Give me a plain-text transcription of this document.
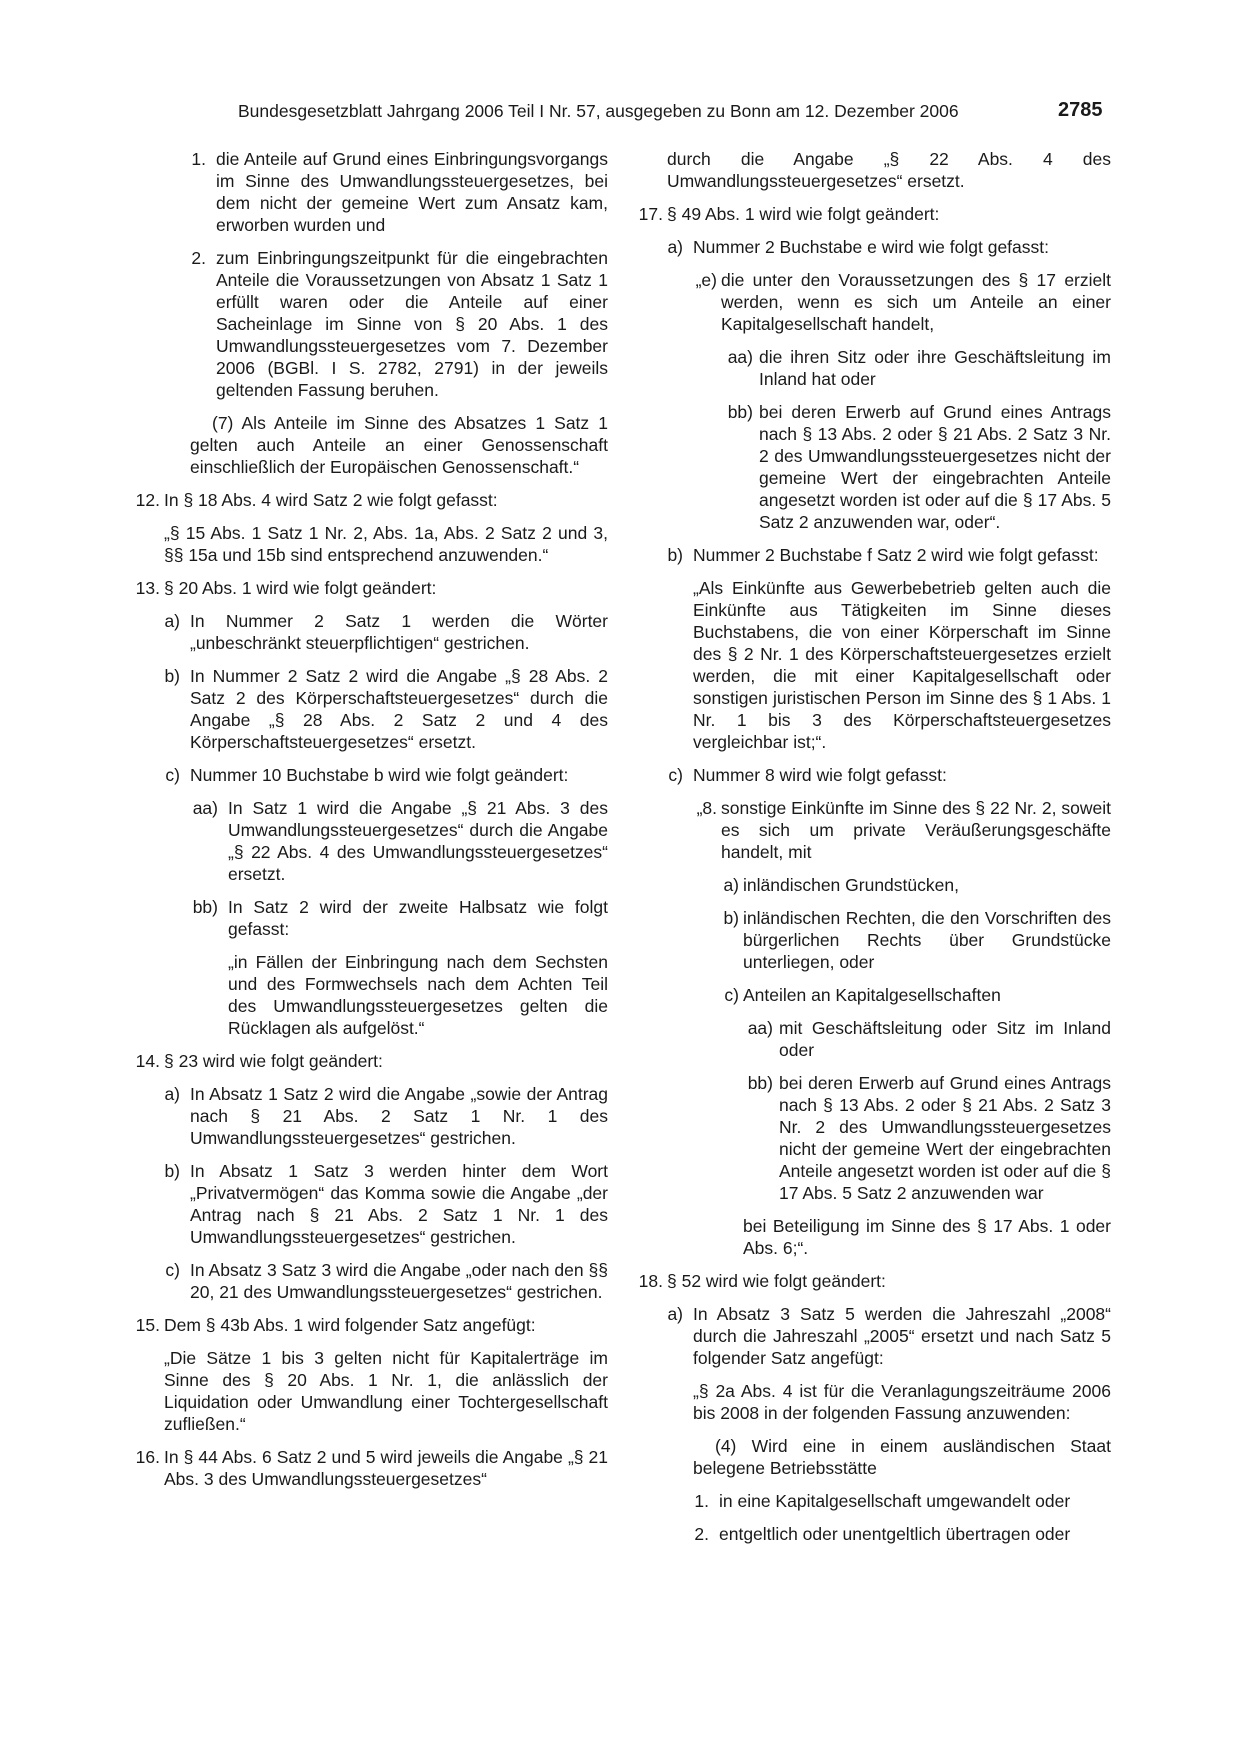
Bundesgesetzblatt Jahrgang 2006 Teil I Nr. 57, ausgegeben zu Bonn am 12. Dezember 2006	2785
1. die Anteile auf Grund eines Einbringungsvorgangs im Sinne des Umwandlungssteuergesetzes, bei dem nicht der gemeine Wert zum Ansatz kam, erworben wurden und
2. zum Einbringungszeitpunkt für die eingebrachten Anteile die Voraussetzungen von Absatz 1 Satz 1 erfüllt waren oder die Anteile auf einer Sacheinlage im Sinne von § 20 Abs. 1 des Umwandlungssteuergesetzes vom 7. Dezember 2006 (BGBl. I S. 2782, 2791) in der jeweils geltenden Fassung beruhen.
(7) Als Anteile im Sinne des Absatzes 1 Satz 1 gelten auch Anteile an einer Genossenschaft einschließlich der Europäischen Genossenschaft.“
12. In § 18 Abs. 4 wird Satz 2 wie folgt gefasst:
„§ 15 Abs. 1 Satz 1 Nr. 2, Abs. 1a, Abs. 2 Satz 2 und 3, §§ 15a und 15b sind entsprechend anzuwenden.“
13. § 20 Abs. 1 wird wie folgt geändert:
a) In Nummer 2 Satz 1 werden die Wörter „unbeschränkt steuerpflichtigen“ gestrichen.
b) In Nummer 2 Satz 2 wird die Angabe „§ 28 Abs. 2 Satz 2 des Körperschaftsteuergesetzes“ durch die Angabe „§ 28 Abs. 2 Satz 2 und 4 des Körperschaftsteuergesetzes“ ersetzt.
c) Nummer 10 Buchstabe b wird wie folgt geändert:
aa) In Satz 1 wird die Angabe „§ 21 Abs. 3 des Umwandlungssteuergesetzes“ durch die Angabe „§ 22 Abs. 4 des Umwandlungssteuergesetzes“ ersetzt.
bb) In Satz 2 wird der zweite Halbsatz wie folgt gefasst:
„in Fällen der Einbringung nach dem Sechsten und des Formwechsels nach dem Achten Teil des Umwandlungssteuergesetzes gelten die Rücklagen als aufgelöst.“
14. § 23 wird wie folgt geändert:
a) In Absatz 1 Satz 2 wird die Angabe „sowie der Antrag nach § 21 Abs. 2 Satz 1 Nr. 1 des Umwandlungssteuergesetzes“ gestrichen.
b) In Absatz 1 Satz 3 werden hinter dem Wort „Privatvermögen“ das Komma sowie die Angabe „der Antrag nach § 21 Abs. 2 Satz 1 Nr. 1 des Umwandlungssteuergesetzes“ gestrichen.
c) In Absatz 3 Satz 3 wird die Angabe „oder nach den §§ 20, 21 des Umwandlungssteuergesetzes“ gestrichen.
15. Dem § 43b Abs. 1 wird folgender Satz angefügt:
„Die Sätze 1 bis 3 gelten nicht für Kapitalerträge im Sinne des § 20 Abs. 1 Nr. 1, die anlässlich der Liquidation oder Umwandlung einer Tochtergesellschaft zufließen.“
16. In § 44 Abs. 6 Satz 2 und 5 wird jeweils die Angabe „§ 21 Abs. 3 des Umwandlungssteuergesetzes“
durch die Angabe „§ 22 Abs. 4 des Umwandlungssteuergesetzes“ ersetzt.
17. § 49 Abs. 1 wird wie folgt geändert:
a) Nummer 2 Buchstabe e wird wie folgt gefasst:
„e) die unter den Voraussetzungen des § 17 erzielt werden, wenn es sich um Anteile an einer Kapitalgesellschaft handelt,
aa) die ihren Sitz oder ihre Geschäftsleitung im Inland hat oder
bb) bei deren Erwerb auf Grund eines Antrags nach § 13 Abs. 2 oder § 21 Abs. 2 Satz 3 Nr. 2 des Umwandlungssteuergesetzes nicht der gemeine Wert der eingebrachten Anteile angesetzt worden ist oder auf die § 17 Abs. 5 Satz 2 anzuwenden war, oder“.
b) Nummer 2 Buchstabe f Satz 2 wird wie folgt gefasst:
„Als Einkünfte aus Gewerbebetrieb gelten auch die Einkünfte aus Tätigkeiten im Sinne dieses Buchstabens, die von einer Körperschaft im Sinne des § 2 Nr. 1 des Körperschaftsteuergesetzes erzielt werden, die mit einer Kapitalgesellschaft oder sonstigen juristischen Person im Sinne des § 1 Abs. 1 Nr. 1 bis 3 des Körperschaftsteuergesetzes vergleichbar ist;“.
c) Nummer 8 wird wie folgt gefasst:
„8. sonstige Einkünfte im Sinne des § 22 Nr. 2, soweit es sich um private Veräußerungsgeschäfte handelt, mit
a) inländischen Grundstücken,
b) inländischen Rechten, die den Vorschriften des bürgerlichen Rechts über Grundstücke unterliegen, oder
c) Anteilen an Kapitalgesellschaften
aa) mit Geschäftsleitung oder Sitz im Inland oder
bb) bei deren Erwerb auf Grund eines Antrags nach § 13 Abs. 2 oder § 21 Abs. 2 Satz 3 Nr. 2 des Umwandlungssteuergesetzes nicht der gemeine Wert der eingebrachten Anteile angesetzt worden ist oder auf die § 17 Abs. 5 Satz 2 anzuwenden war
bei Beteiligung im Sinne des § 17 Abs. 1 oder Abs. 6;“.
18. § 52 wird wie folgt geändert:
a) In Absatz 3 Satz 5 werden die Jahreszahl „2008“ durch die Jahreszahl „2005“ ersetzt und nach Satz 5 folgender Satz angefügt:
„§ 2a Abs. 4 ist für die Veranlagungszeiträume 2006 bis 2008 in der folgenden Fassung anzuwenden:
(4) Wird eine in einem ausländischen Staat belegene Betriebsstätte
1. in eine Kapitalgesellschaft umgewandelt oder
2. entgeltlich oder unentgeltlich übertragen oder
